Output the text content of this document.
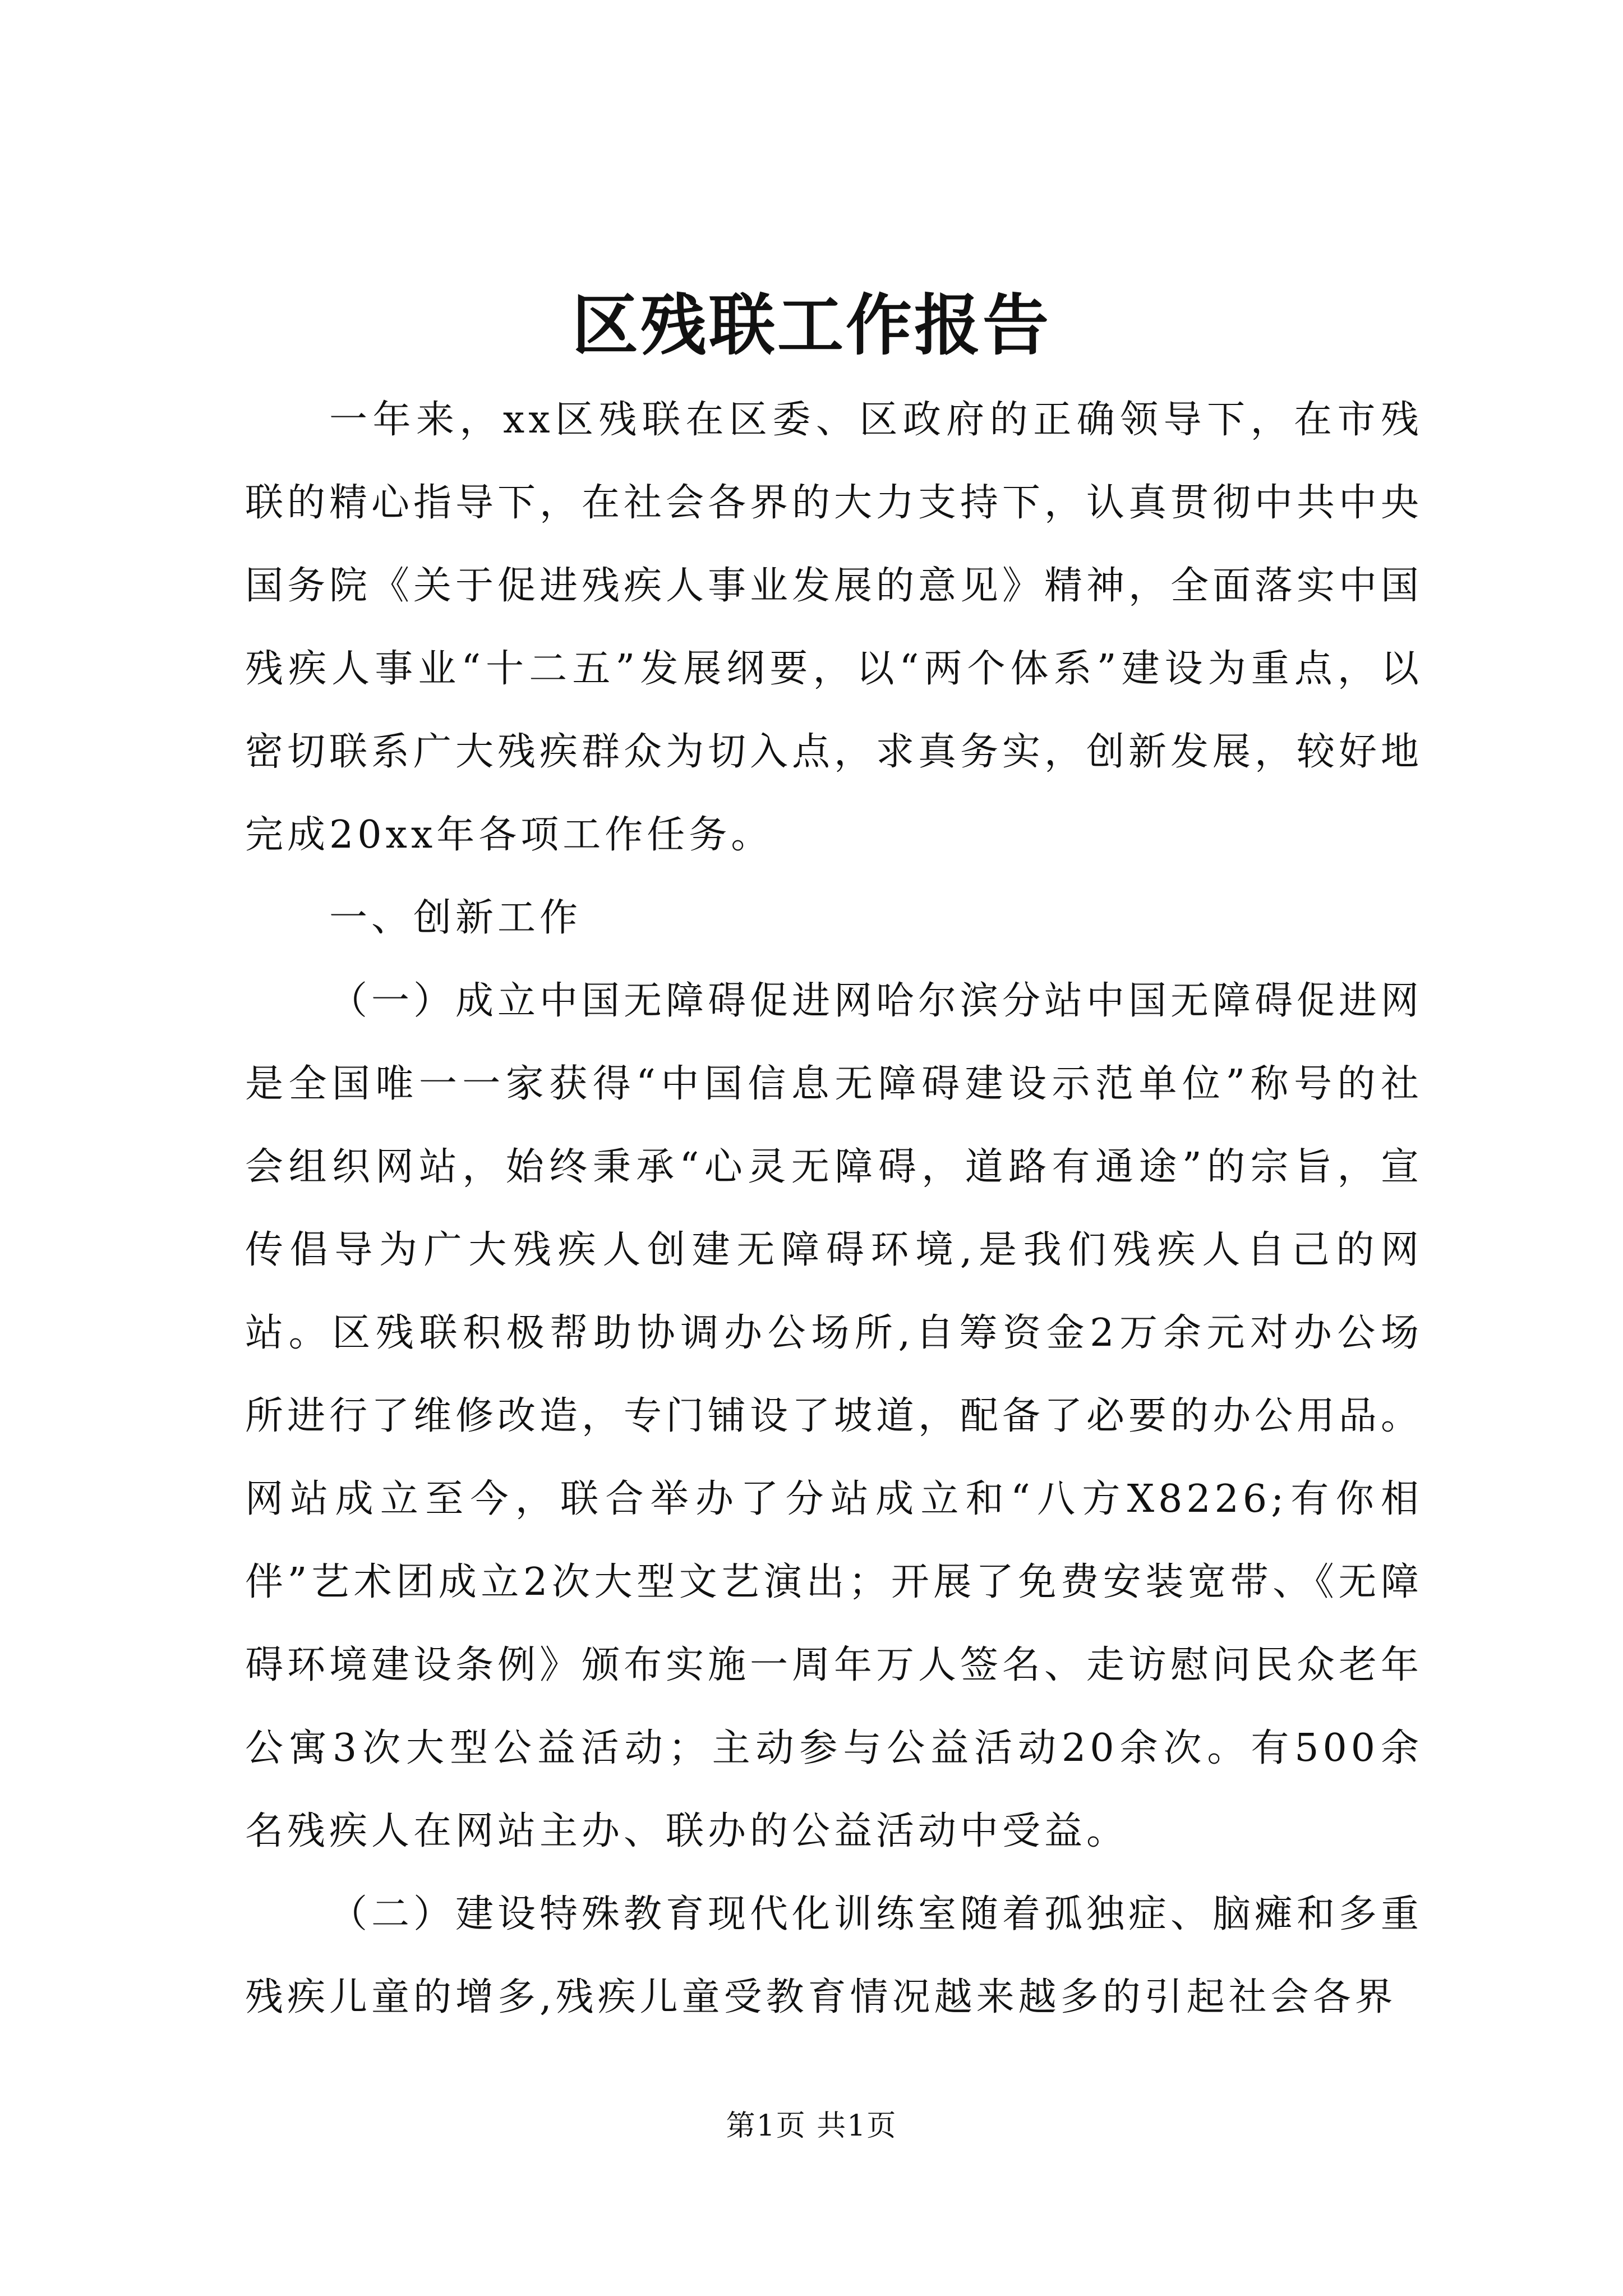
区残联工作报告

一年来，xx区残联在区委、区政府的正确领导下，在市残联的精心指导下，在社会各界的大力支持下，认真贯彻中共中央国务院《关于促进残疾人事业发展的意见》精神，全面落实中国残疾人事业“十二五”发展纲要，以“两个体系”建设为重点，以密切联系广大残疾群众为切入点，求真务实，创新发展，较好地完成20xx年各项工作任务。

一、创新工作

（一）成立中国无障碍促进网哈尔滨分站中国无障碍促进网是全国唯一一家获得“中国信息无障碍建设示范单位”称号的社会组织网站，始终秉承“心灵无障碍，道路有通途”的宗旨，宣传倡导为广大残疾人创建无障碍环境,是我们残疾人自己的网站。区残联积极帮助协调办公场所,自筹资金2万余元对办公场所进行了维修改造，专门铺设了坡道，配备了必要的办公用品。网站成立至今，联合举办了分站成立和“八方X8226;有你相伴”艺术团成立2次大型文艺演出；开展了免费安装宽带、《无障碍环境建设条例》颁布实施一周年万人签名、走访慰问民众老年公寓3次大型公益活动；主动参与公益活动20余次。有500余名残疾人在网站主办、联办的公益活动中受益。

（二）建设特殊教育现代化训练室随着孤独症、脑瘫和多重残疾儿童的增多,残疾儿童受教育情况越来越多的引起社会各界

第1页 共1页
